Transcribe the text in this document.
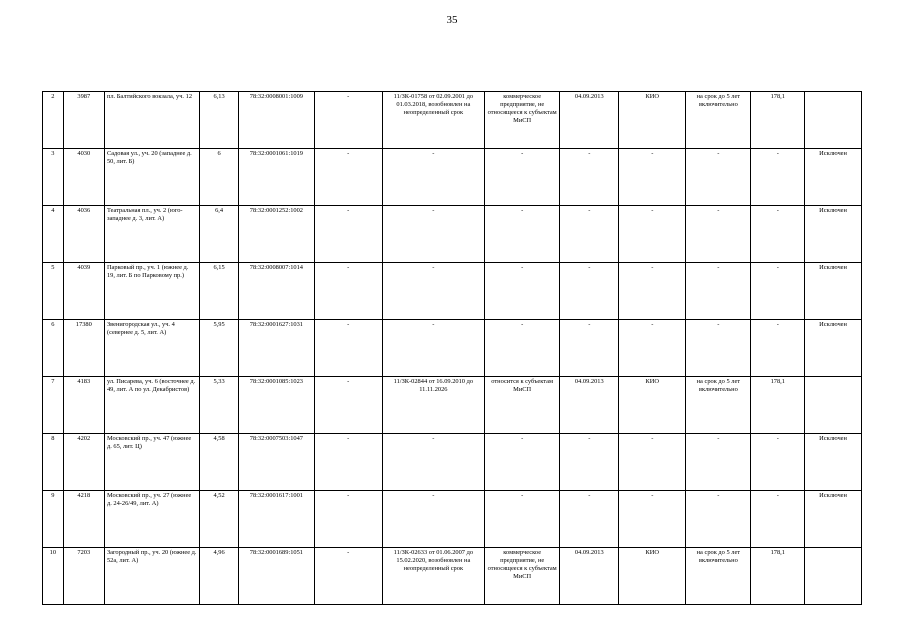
35
2	3987	пл. Балтийского вокзала, уч. 12	6,13	78:32:0008001:1009	-	11/ЗК-01758 от 02.09.2001 до 01.03.2018, возобновлен на неопределенный срок	коммерческое предприятие, не относящееся к субъектам МиСП	04.09.2013	КИО	на срок до 5 лет включительно	178,1	
3	4030	Садовая ул., уч. 20 (западнее д. 50, лит. Б)	6	78:32:0001061:1019	-	-	-	-	-	-	-	Исключен
4	4036	Театральная пл., уч. 2 (юго-западнее д. 3, лит. А)	6,4	78:32:0001252:1002	-	-	-	-	-	-	-	Исключен
5	4039	Парковый пр., уч. 1 (южнее д. 19, лит. Б по Парковому пр.)	6,15	78:32:0008007:1014	-	-	-	-	-	-	-	Исключен
6	17380	Звенигородская ул., уч. 4 (севернее д. 5, лит. А)	5,95	78:32:0001627:1031	-	-	-	-	-	-	-	Исключен
7	4183	ул. Писарева, уч. 6 (восточнее д. 49, лит. А по ул. Декабристов)	5,33	78:32:0001085:1023	-	11/ЗК-02844 от 16.09.2010 до 11.11.2026	относится к субъектам МиСП	04.09.2013	КИО	на срок до 5 лет включительно	178,1	
8	4202	Московский пр., уч. 47 (южнее д. 65, лит. Ц)	4,58	78:32:0007503:1047	-	-	-	-	-	-	-	Исключен
9	4218	Московский пр., уч. 27 (южнее д. 24-26/49, лит. А)	4,52	78:32:0001617:1001	-	-	-	-	-	-	-	Исключен
10	7203	Загородный пр., уч. 20 (южнее д. 52а, лит. А)	4,96	78:32:0001689:1051	-	11/ЗК-02633 от 01.06.2007 до 15.02.2020, возобновлен на неопределенный срок	коммерческое предприятие, не относящееся к субъектам МиСП	04.09.2013	КИО	на срок до 5 лет включительно	178,1	
